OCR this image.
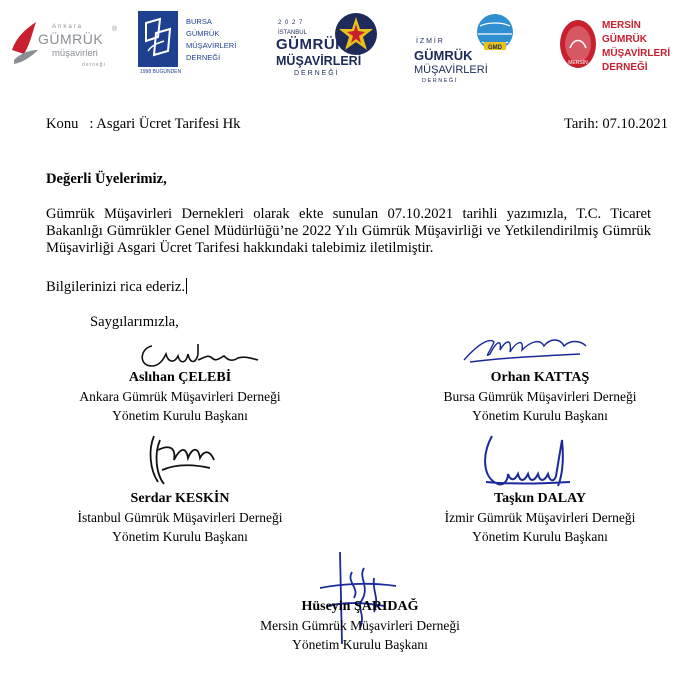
Ankara
GÜMRÜK
®
müşavirleri
derneği
1998 BUGÜNDEN
BURSA
GÜMRÜK
MÜŞAVİRLERİ
DERNEĞİ
2 0 2 7
İSTANBUL
GÜMRÜK
MÜŞAVİRLERİ
D E R N E Ğ İ
GMD
İ Z M İ R
GÜMRÜK
MÜŞAVİRLERİ
D E R N E Ğ İ
MERSİN
MERSİN
GÜMRÜK
MÜŞAVİRLERİ
DERNEĞİ
Konu : Asgari Ücret Tarifesi Hk	Tarih: 07.10.2021
Değerli Üyelerimiz,
Gümrük Müşavirleri Dernekleri olarak ekte sunulan 07.10.2021 tarihli yazımızla, T.C. Ticaret Bakanlığı Gümrükler Genel Müdürlüğü’ne 2022 Yılı Gümrük Müşavirliği ve Yetkilendirilmiş Gümrük Müşavirliği Asgari Ücret Tarifesi hakkındaki talebimiz iletilmiştir.
Bilgilerinizi rica ederiz.
Saygılarımızla,
Aslıhan ÇELEBİ
Ankara Gümrük Müşavirleri Derneği
Yönetim Kurulu Başkanı
Orhan KATTAŞ
Bursa Gümrük Müşavirleri Derneği
Yönetim Kurulu Başkanı
Serdar KESKİN
İstanbul Gümrük Müşavirleri Derneği
Yönetim Kurulu Başkanı
Taşkın DALAY
İzmir Gümrük Müşavirleri Derneği
Yönetim Kurulu Başkanı
Hüseyin ŞARIDAĞ
Mersin Gümrük Müşavirleri Derneği
Yönetim Kurulu Başkanı
